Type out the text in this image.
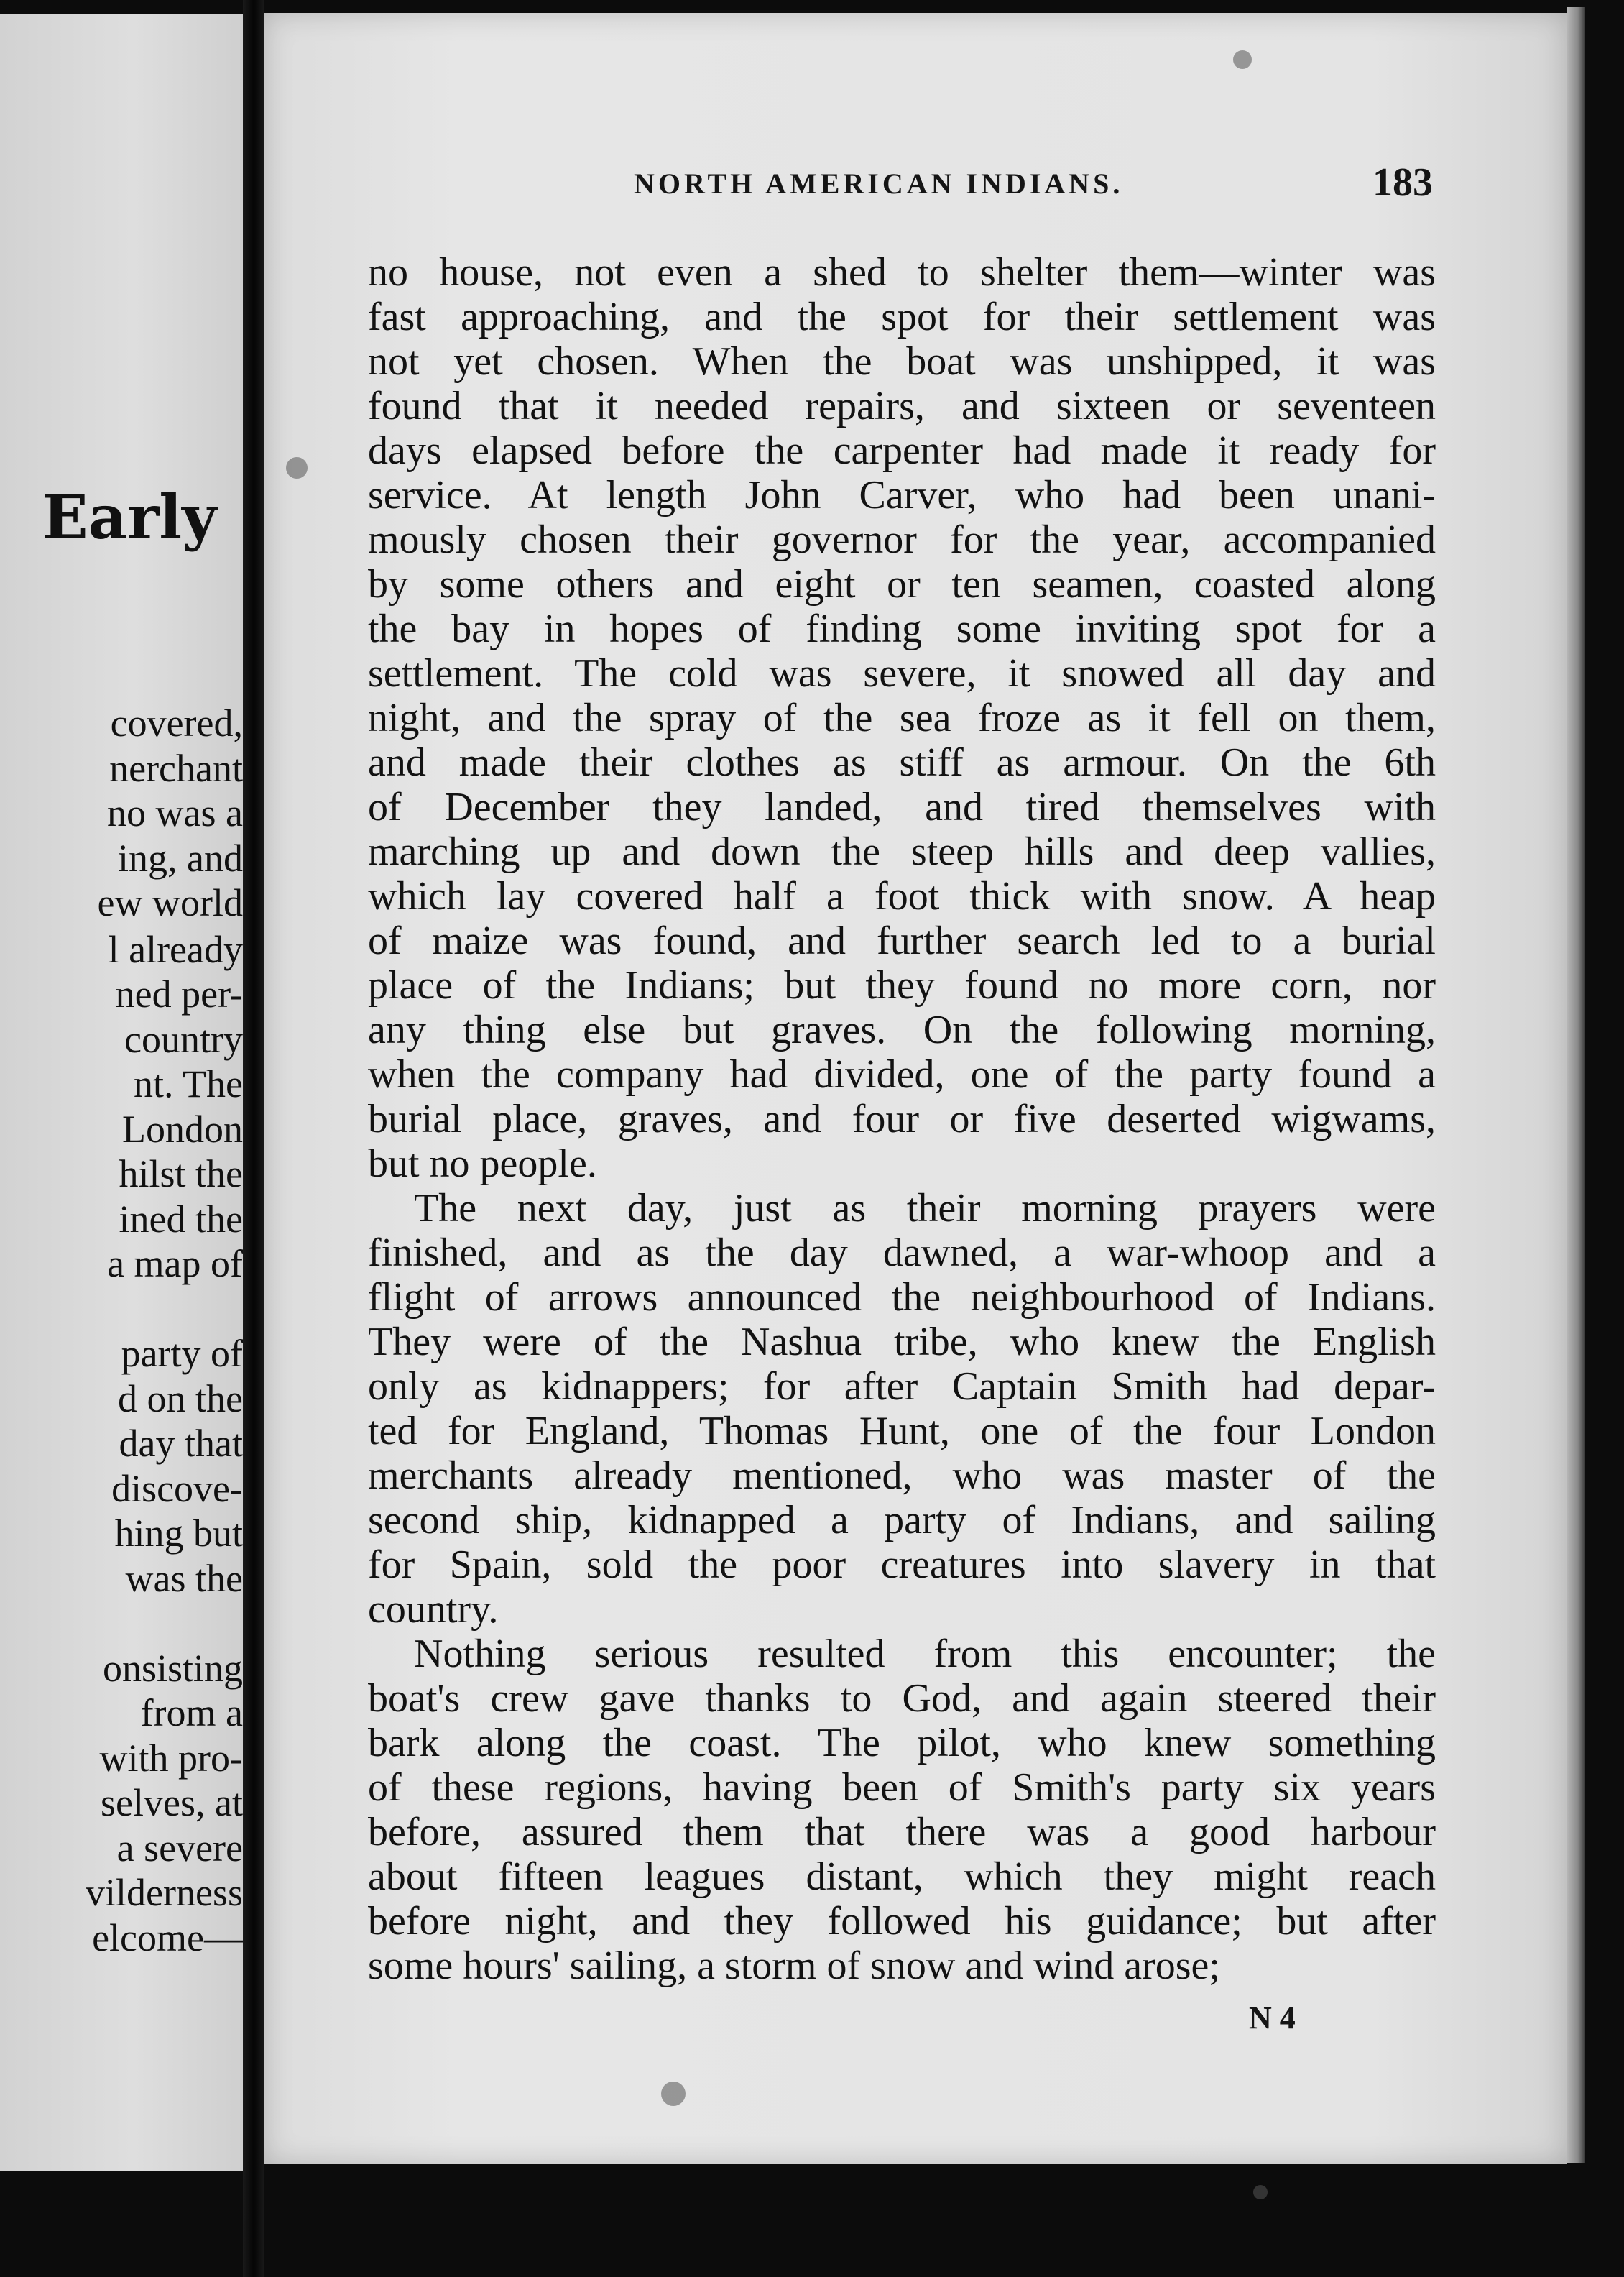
Early
covered,
nerchant
no was a
ing, and
ew world
l already
ned per-
country
nt. The
London
hilst the
ined the
a map of

party of
d on the
day that
discove-
hing but
was the

onsisting
from a
with pro-
selves, at
a severe
vilderness
elcome—
NORTH AMERICAN INDIANS.	183
no house, not even a shed to shelter them—winter was
fast approaching, and the spot for their settlement was
not yet chosen. When the boat was unshipped, it was
found that it needed repairs, and sixteen or seventeen
days elapsed before the carpenter had made it ready for
service. At length John Carver, who had been unani-
mously chosen their governor for the year, accompanied
by some others and eight or ten seamen, coasted along
the bay in hopes of finding some inviting spot for a
settlement. The cold was severe, it snowed all day and
night, and the spray of the sea froze as it fell on them,
and made their clothes as stiff as armour. On the 6th
of December they landed, and tired themselves with
marching up and down the steep hills and deep vallies,
which lay covered half a foot thick with snow. A heap
of maize was found, and further search led to a burial
place of the Indians; but they found no more corn, nor
any thing else but graves. On the following morning,
when the company had divided, one of the party found a
burial place, graves, and four or five deserted wigwams,
but no people.
The next day, just as their morning prayers were
finished, and as the day dawned, a war-whoop and a
flight of arrows announced the neighbourhood of Indians.
They were of the Nashua tribe, who knew the English
only as kidnappers; for after Captain Smith had depar-
ted for England, Thomas Hunt, one of the four London
merchants already mentioned, who was master of the
second ship, kidnapped a party of Indians, and sailing
for Spain, sold the poor creatures into slavery in that
country.
Nothing serious resulted from this encounter; the
boat's crew gave thanks to God, and again steered their
bark along the coast. The pilot, who knew something
of these regions, having been of Smith's party six years
before, assured them that there was a good harbour
about fifteen leagues distant, which they might reach
before night, and they followed his guidance; but after
some hours' sailing, a storm of snow and wind arose;
N 4
